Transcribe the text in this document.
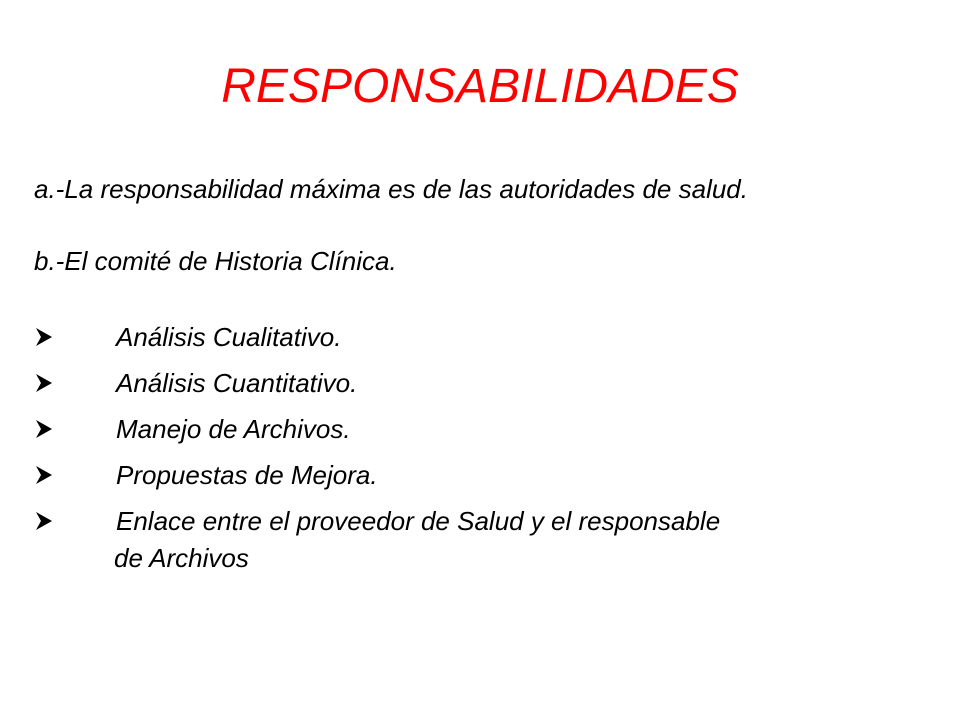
RESPONSABILIDADES

a.-La responsabilidad máxima es de las autoridades de salud.

b.-El comité de Historia Clínica.

Análisis Cualitativo.
Análisis Cuantitativo.
Manejo de Archivos.
Propuestas de Mejora.
Enlace entre el proveedor de Salud y el responsable
de Archivos
